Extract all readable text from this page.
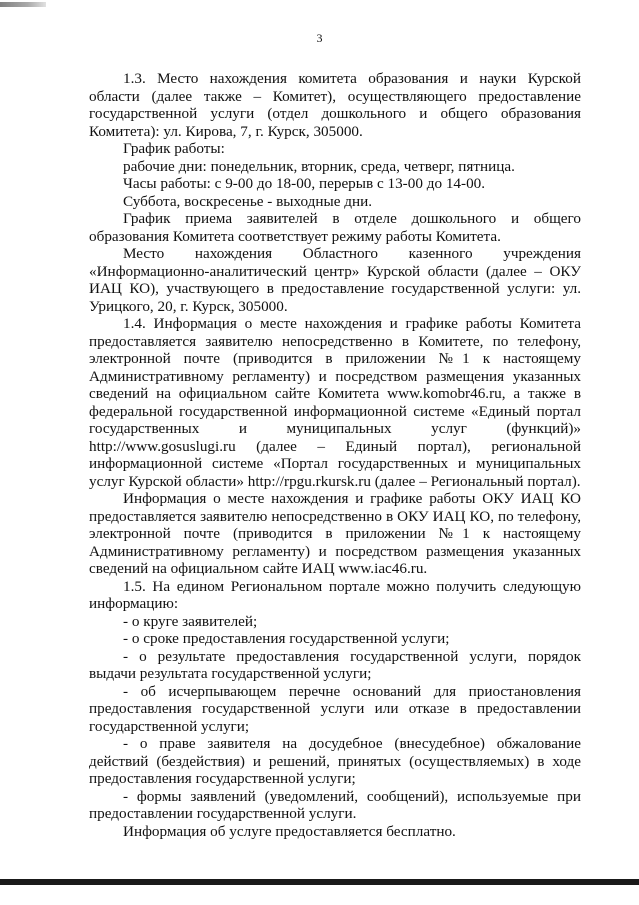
3

1.3. Место нахождения комитета образования и науки Курской области (далее также – Комитет), осуществляющего предоставление государственной услуги (отдел дошкольного и общего образования Комитета): ул. Кирова, 7, г. Курск, 305000.

График работы:

рабочие дни: понедельник, вторник, среда, четверг, пятница.

Часы работы: с 9-00 до 18-00, перерыв с 13-00 до 14-00.

Суббота, воскресенье - выходные дни.

График приема заявителей в отделе дошкольного и общего образования Комитета соответствует режиму работы Комитета.

Место нахождения Областного казенного учреждения «Информационно-аналитический центр» Курской области (далее – ОКУ ИАЦ КО), участвующего в предоставление государственной услуги: ул. Урицкого, 20, г. Курск, 305000.

1.4. Информация о месте нахождения и графике работы Комитета предоставляется заявителю непосредственно в Комитете, по телефону, электронной почте (приводится в приложении №1 к настоящему Административному регламенту) и посредством размещения указанных сведений на официальном сайте Комитета www.komobr46.ru, а также в федеральной государственной информационной системе «Единый портал государственных и муниципальных услуг (функций)» http://www.gosuslugi.ru (далее – Единый портал), региональной информационной системе «Портал государственных и муниципальных услуг Курской области» http://rpgu.rkursk.ru (далее – Региональный портал).

Информация о месте нахождения и графике работы ОКУ ИАЦ КО предоставляется заявителю непосредственно в ОКУ ИАЦ КО, по телефону, электронной почте (приводится в приложении №1 к настоящему Административному регламенту) и посредством размещения указанных сведений на официальном сайте ИАЦ www.iac46.ru.

1.5. На едином Региональном портале можно получить следующую информацию:

- о круге заявителей;

- о сроке предоставления государственной услуги;

- о результате предоставления государственной услуги, порядок выдачи результата государственной услуги;

- об исчерпывающем перечне оснований для приостановления предоставления государственной услуги или отказе в предоставлении государственной услуги;

- о праве заявителя на досудебное (внесудебное) обжалование действий (бездействия) и решений, принятых (осуществляемых) в ходе предоставления государственной услуги;

- формы заявлений (уведомлений, сообщений), используемые при предоставлении государственной услуги.

Информация об услуге предоставляется бесплатно.
